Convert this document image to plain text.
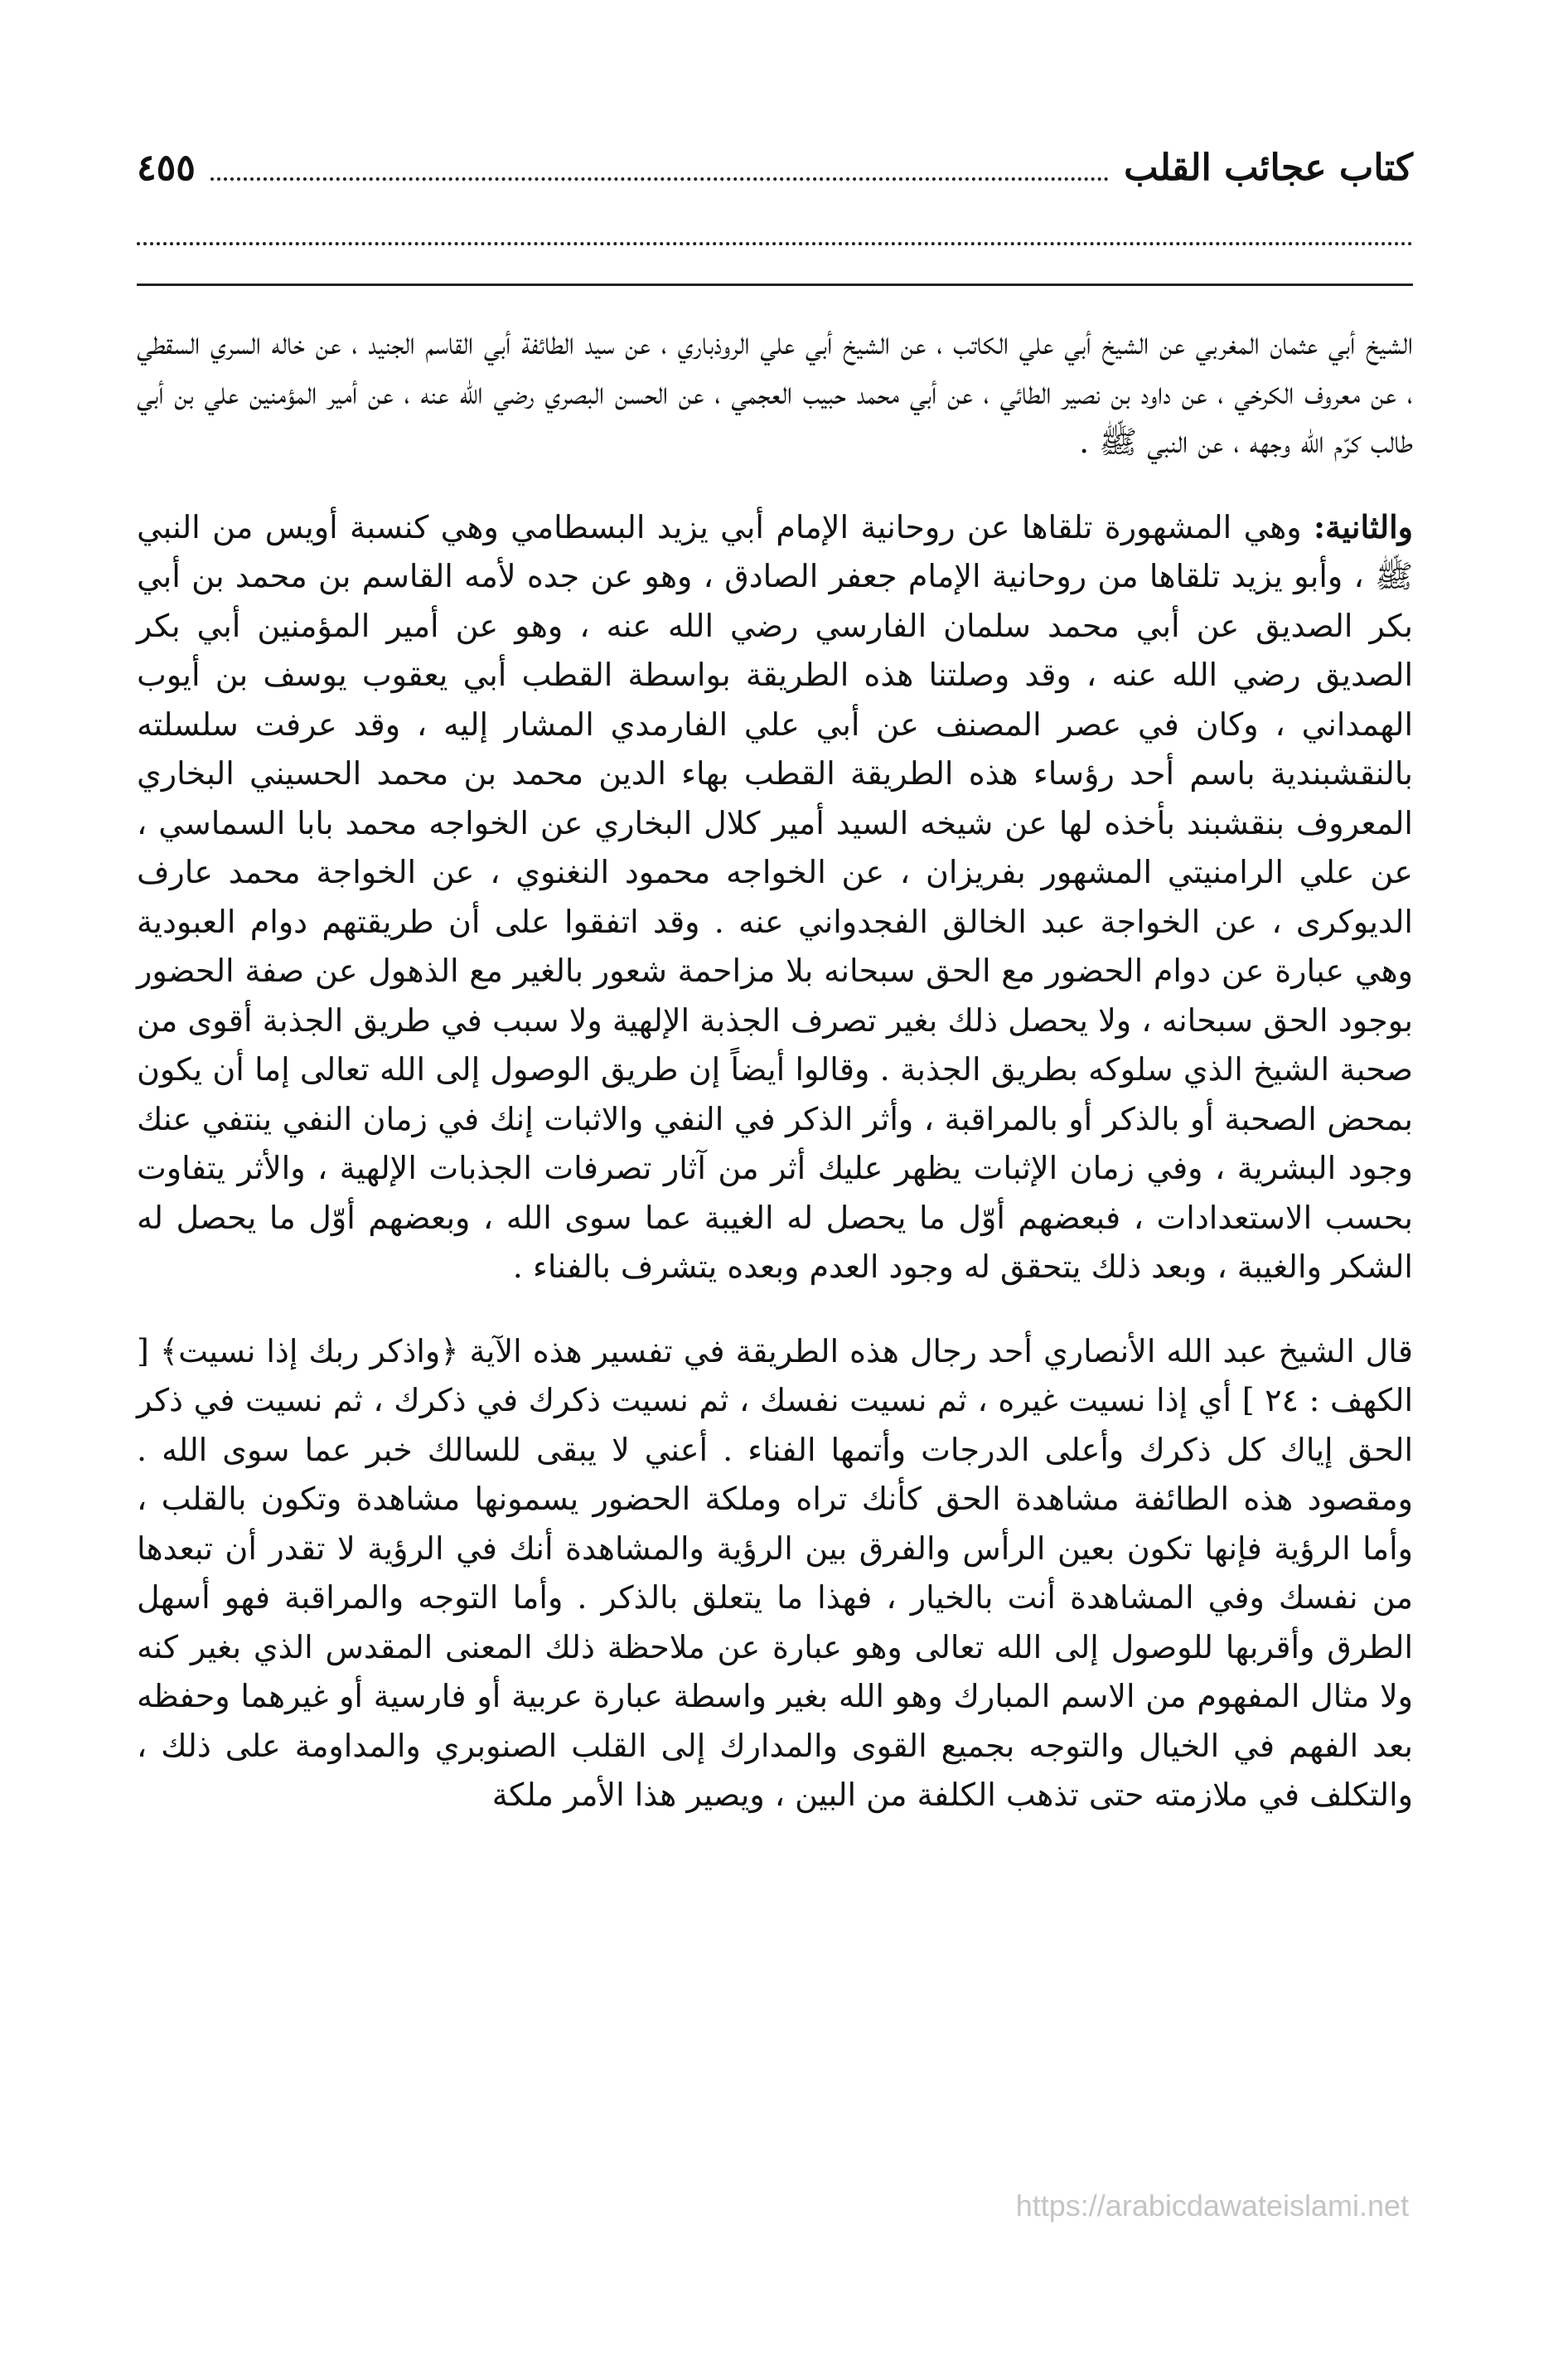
كتاب عجائب القلب
٤٥٥

الشيخ أبي عثمان المغربي عن الشيخ أبي علي الكاتب ، عن الشيخ أبي علي الروذباري ، عن سيد الطائفة أبي القاسم الجنيد ، عن خاله السري السقطي ، عن معروف الكرخي ، عن داود بن نصير الطائي ، عن أبي محمد حبيب العجمي ، عن الحسن البصري رضي الله عنه ، عن أمير المؤمنين علي بن أبي طالب كرّم الله وجهه ، عن النبي ﷺ .

والثانية: وهي المشهورة تلقاها عن روحانية الإمام أبي يزيد البسطامي وهي كنسبة أويس من النبي ﷺ ، وأبو يزيد تلقاها من روحانية الإمام جعفر الصادق ، وهو عن جده لأمه القاسم بن محمد بن أبي بكر الصديق عن أبي محمد سلمان الفارسي رضي الله عنه ، وهو عن أمير المؤمنين أبي بكر الصديق رضي الله عنه ، وقد وصلتنا هذه الطريقة بواسطة القطب أبي يعقوب يوسف بن أيوب الهمداني ، وكان في عصر المصنف عن أبي علي الفارمدي المشار إليه ، وقد عرفت سلسلته بالنقشبندية باسم أحد رؤساء هذه الطريقة القطب بهاء الدين محمد بن محمد الحسيني البخاري المعروف بنقشبند بأخذه لها عن شيخه السيد أمير كلال البخاري عن الخواجه محمد بابا السماسي ، عن علي الرامنيتي المشهور بفريزان ، عن الخواجه محمود النغنوي ، عن الخواجة محمد عارف الديوكرى ، عن الخواجة عبد الخالق الفجدواني عنه . وقد اتفقوا على أن طريقتهم دوام العبودية وهي عبارة عن دوام الحضور مع الحق سبحانه بلا مزاحمة شعور بالغير مع الذهول عن صفة الحضور بوجود الحق سبحانه ، ولا يحصل ذلك بغير تصرف الجذبة الإلهية ولا سبب في طريق الجذبة أقوى من صحبة الشيخ الذي سلوكه بطريق الجذبة . وقالوا أيضاً إن طريق الوصول إلى الله تعالى إما أن يكون بمحض الصحبة أو بالذكر أو بالمراقبة ، وأثر الذكر في النفي والاثبات إنك في زمان النفي ينتفي عنك وجود البشرية ، وفي زمان الإثبات يظهر عليك أثر من آثار تصرفات الجذبات الإلهية ، والأثر يتفاوت بحسب الاستعدادات ، فبعضهم أوّل ما يحصل له الغيبة عما سوى الله ، وبعضهم أوّل ما يحصل له الشكر والغيبة ، وبعد ذلك يتحقق له وجود العدم وبعده يتشرف بالفناء .

قال الشيخ عبد الله الأنصاري أحد رجال هذه الطريقة في تفسير هذه الآية ﴿واذكر ربك إذا نسيت﴾ [ الكهف : ٢٤ ] أي إذا نسيت غيره ، ثم نسيت نفسك ، ثم نسيت ذكرك في ذكرك ، ثم نسيت في ذكر الحق إياك كل ذكرك وأعلى الدرجات وأتمها الفناء . أعني لا يبقى للسالك خبر عما سوى الله . ومقصود هذه الطائفة مشاهدة الحق كأنك تراه وملكة الحضور يسمونها مشاهدة وتكون بالقلب ، وأما الرؤية فإنها تكون بعين الرأس والفرق بين الرؤية والمشاهدة أنك في الرؤية لا تقدر أن تبعدها من نفسك وفي المشاهدة أنت بالخيار ، فهذا ما يتعلق بالذكر . وأما التوجه والمراقبة فهو أسهل الطرق وأقربها للوصول إلى الله تعالى وهو عبارة عن ملاحظة ذلك المعنى المقدس الذي بغير كنه ولا مثال المفهوم من الاسم المبارك وهو الله بغير واسطة عبارة عربية أو فارسية أو غيرهما وحفظه بعد الفهم في الخيال والتوجه بجميع القوى والمدارك إلى القلب الصنوبري والمداومة على ذلك ، والتكلف في ملازمته حتى تذهب الكلفة من البين ، ويصير هذا الأمر ملكة

https://arabicdawateislami.net
